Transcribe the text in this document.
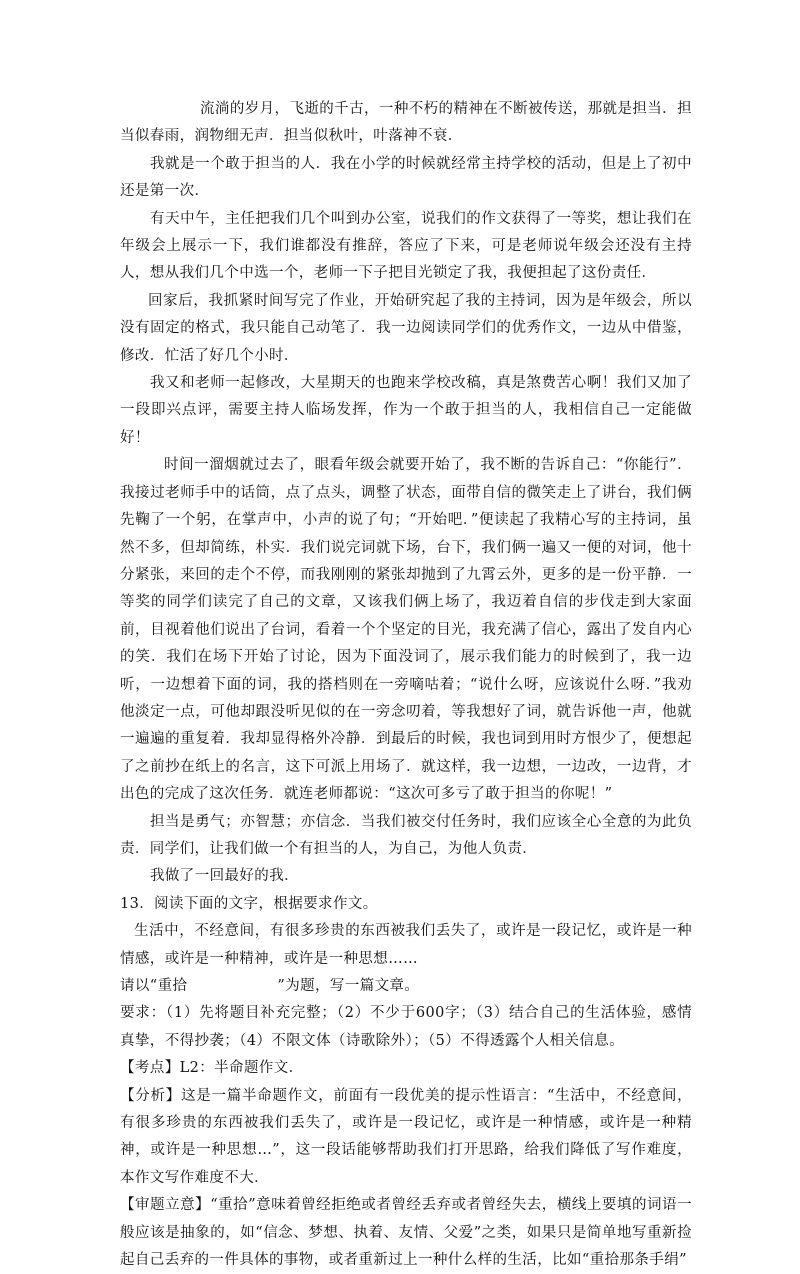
流淌的岁月，飞逝的千古，一种不朽的精神在不断被传送，那就是担当．担当似春雨，润物细无声．担当似秋叶，叶落神不衰．

我就是一个敢于担当的人．我在小学的时候就经常主持学校的活动，但是上了初中还是第一次．

有天中午，主任把我们几个叫到办公室，说我们的作文获得了一等奖，想让我们在年级会上展示一下，我们谁都没有推辞，答应了下来，可是老师说年级会还没有主持人，想从我们几个中选一个，老师一下子把目光锁定了我，我便担起了这份责任．

回家后，我抓紧时间写完了作业，开始研究起了我的主持词，因为是年级会，所以没有固定的格式，我只能自己动笔了．我一边阅读同学们的优秀作文，一边从中借鉴，修改．忙活了好几个小时．

我又和老师一起修改，大星期天的也跑来学校改稿，真是煞费苦心啊！我们又加了一段即兴点评，需要主持人临场发挥，作为一个敢于担当的人，我相信自己一定能做好！

时间一溜烟就过去了，眼看年级会就要开始了，我不断的告诉自己：“你能行”．我接过老师手中的话筒，点了点头，调整了状态，面带自信的微笑走上了讲台，我们俩先鞠了一个躬，在掌声中，小声的说了句；“开始吧．”便读起了我精心写的主持词，虽然不多，但却简练，朴实．我们说完词就下场，台下，我们俩一遍又一便的对词，他十分紧张，来回的走个不停，而我刚刚的紧张却抛到了九霄云外，更多的是一份平静．一等奖的同学们读完了自己的文章，又该我们俩上场了，我迈着自信的步伐走到大家面前，目视着他们说出了台词，看着一个个坚定的目光，我充满了信心，露出了发自内心的笑．我们在场下开始了讨论，因为下面没词了，展示我们能力的时候到了，我一边听，一边想着下面的词，我的搭档则在一旁嘀咕着；“说什么呀，应该说什么呀．”我劝他淡定一点，可他却跟没听见似的在一旁念叨着，等我想好了词，就告诉他一声，他就一遍遍的重复着．我却显得格外冷静．到最后的时候，我也词到用时方恨少了，便想起了之前抄在纸上的名言，这下可派上用场了．就这样，我一边想，一边改，一边背，才出色的完成了这次任务．就连老师都说：“这次可多亏了敢于担当的你呢！”

担当是勇气；亦智慧；亦信念．当我们被交付任务时，我们应该全心全意的为此负责．同学们，让我们做一个有担当的人，为自己，为他人负责．

我做了一回最好的我．

13．阅读下面的文字，根据要求作文。

生活中，不经意间，有很多珍贵的东西被我们丢失了，或许是一段记忆，或许是一种情感，或许是一种精神，或许是一种思想……

请以“重拾	”为题，写一篇文章。

要求：（1）先将题目补充完整；（2）不少于600字；（3）结合自己的生活体验，感情真挚，不得抄袭；（4）不限文体（诗歌除外）；（5）不得透露个人相关信息。

【考点】L2：半命题作文．

【分析】这是一篇半命题作文，前面有一段优美的提示性语言：“生活中，不经意间，有很多珍贵的东西被我们丢失了，或许是一段记忆，或许是一种情感，或许是一种精神，或许是一种思想…”，这一段话能够帮助我们打开思路，给我们降低了写作难度，本作文写作难度不大．

【审题立意】“重拾”意味着曾经拒绝或者曾经丢弃或者曾经失去，横线上要填的词语一般应该是抽象的，如“信念、梦想、执着、友情、父爱”之类，如果只是简单地写重新捡起自己丢弃的一件具体的事物，或者重新过上一种什么样的生活，比如“重拾那条手绢”
